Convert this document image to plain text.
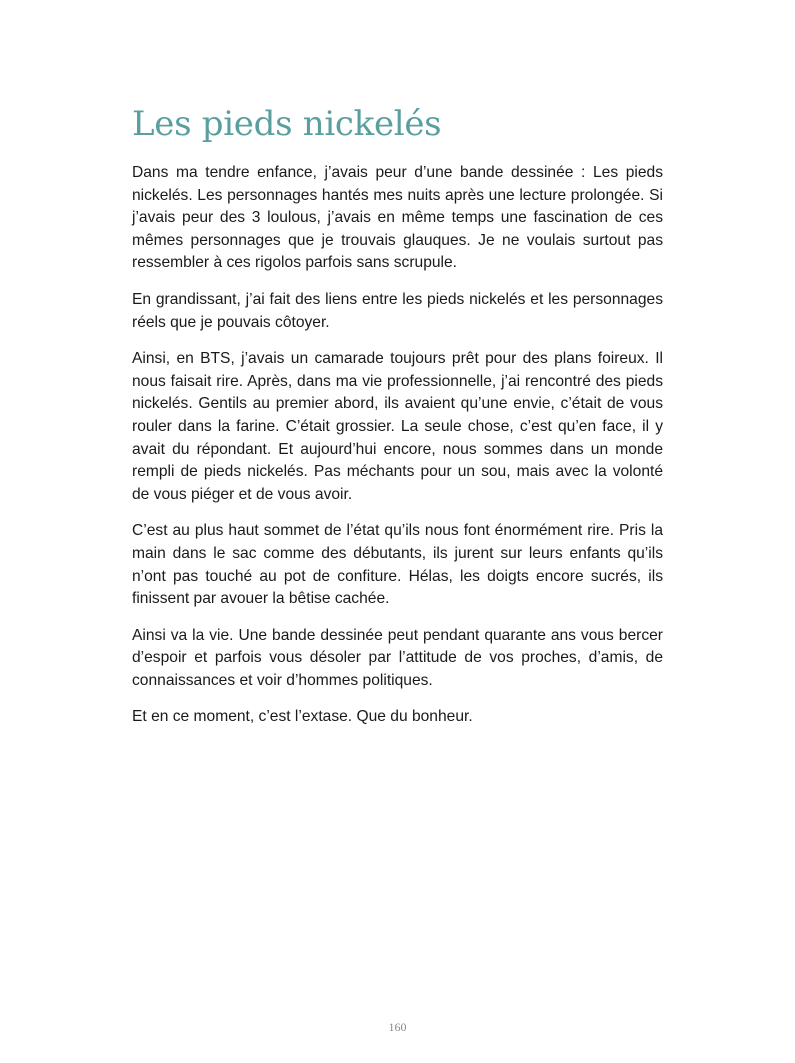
Les pieds nickelés

Dans ma tendre enfance, j’avais peur d’une bande dessinée : Les pieds nickelés. Les personnages hantés mes nuits après une lecture prolongée. Si j’avais peur des 3 loulous, j’avais en même temps une fascination de ces mêmes personnages que je trouvais glauques. Je ne voulais surtout pas ressembler à ces rigolos parfois sans scrupule.

En grandissant, j’ai fait des liens entre les pieds nickelés et les personnages réels que je pouvais côtoyer.

Ainsi, en BTS, j’avais un camarade toujours prêt pour des plans foireux. Il nous faisait rire. Après, dans ma vie professionnelle, j’ai rencontré des pieds nickelés. Gentils au premier abord, ils avaient qu’une envie, c’était de vous rouler dans la farine. C’était grossier. La seule chose, c’est qu’en face, il y avait du répondant. Et aujourd’hui encore, nous sommes dans un monde rempli de pieds nickelés. Pas méchants pour un sou, mais avec la volonté de vous piéger et de vous avoir.

C’est au plus haut sommet de l’état qu’ils nous font énormément rire. Pris la main dans le sac comme des débutants, ils jurent sur leurs enfants qu’ils n’ont pas touché au pot de confiture. Hélas, les doigts encore sucrés, ils finissent par avouer la bêtise cachée.

Ainsi va la vie. Une bande dessinée peut pendant quarante ans vous bercer d’espoir et parfois vous désoler par l’attitude de vos proches, d’amis, de connaissances et voir d’hommes politiques.

Et en ce moment, c’est l’extase. Que du bonheur.

160
